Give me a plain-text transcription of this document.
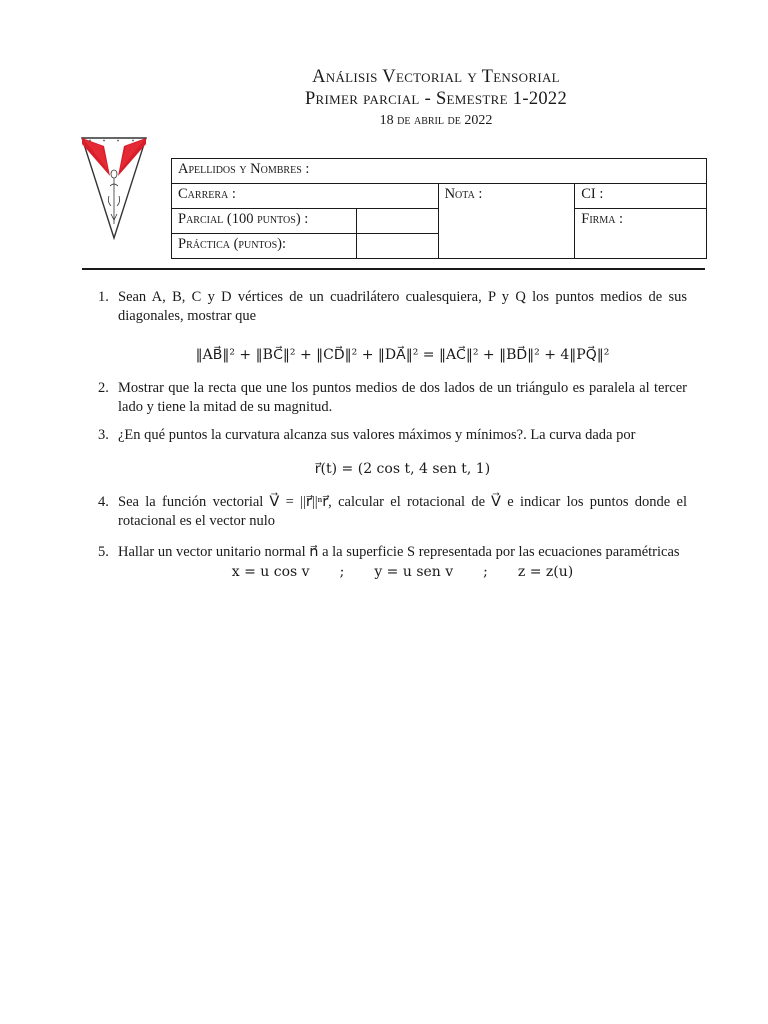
Análisis Vectorial y Tensorial
Primer parcial - Semestre 1-2022
18 de abril de 2022
Apellidos y Nombres :			
Carrera :		Nota :	CI :
Parcial (100 puntos) :			Firma :
Práctica (puntos):			
1. Sean A, B, C y D vértices de un cuadrilátero cualesquiera, P y Q los puntos medios de sus diagonales, mostrar que
‖AB⃗‖² + ‖BC⃗‖² + ‖CD⃗‖² + ‖DA⃗‖² = ‖AC⃗‖² + ‖BD⃗‖² + 4‖PQ⃗‖²
2. Mostrar que la recta que une los puntos medios de dos lados de un triángulo es paralela al tercer lado y tiene la mitad de su magnitud.
3. ¿En qué puntos la curvatura alcanza sus valores máximos y mínimos?. La curva dada por
r⃗(t) = (2 cos t, 4 sen t, 1)
4. Sea la función vectorial V⃗ = ||r⃗||ⁿr⃗, calcular el rotacional de V⃗ e indicar los puntos donde el rotacional es el vector nulo
5. Hallar un vector unitario normal n⃗ a la superficie S representada por las ecuaciones paramétricas
x = u cos v ; y = u sen v ; z = z(u)
